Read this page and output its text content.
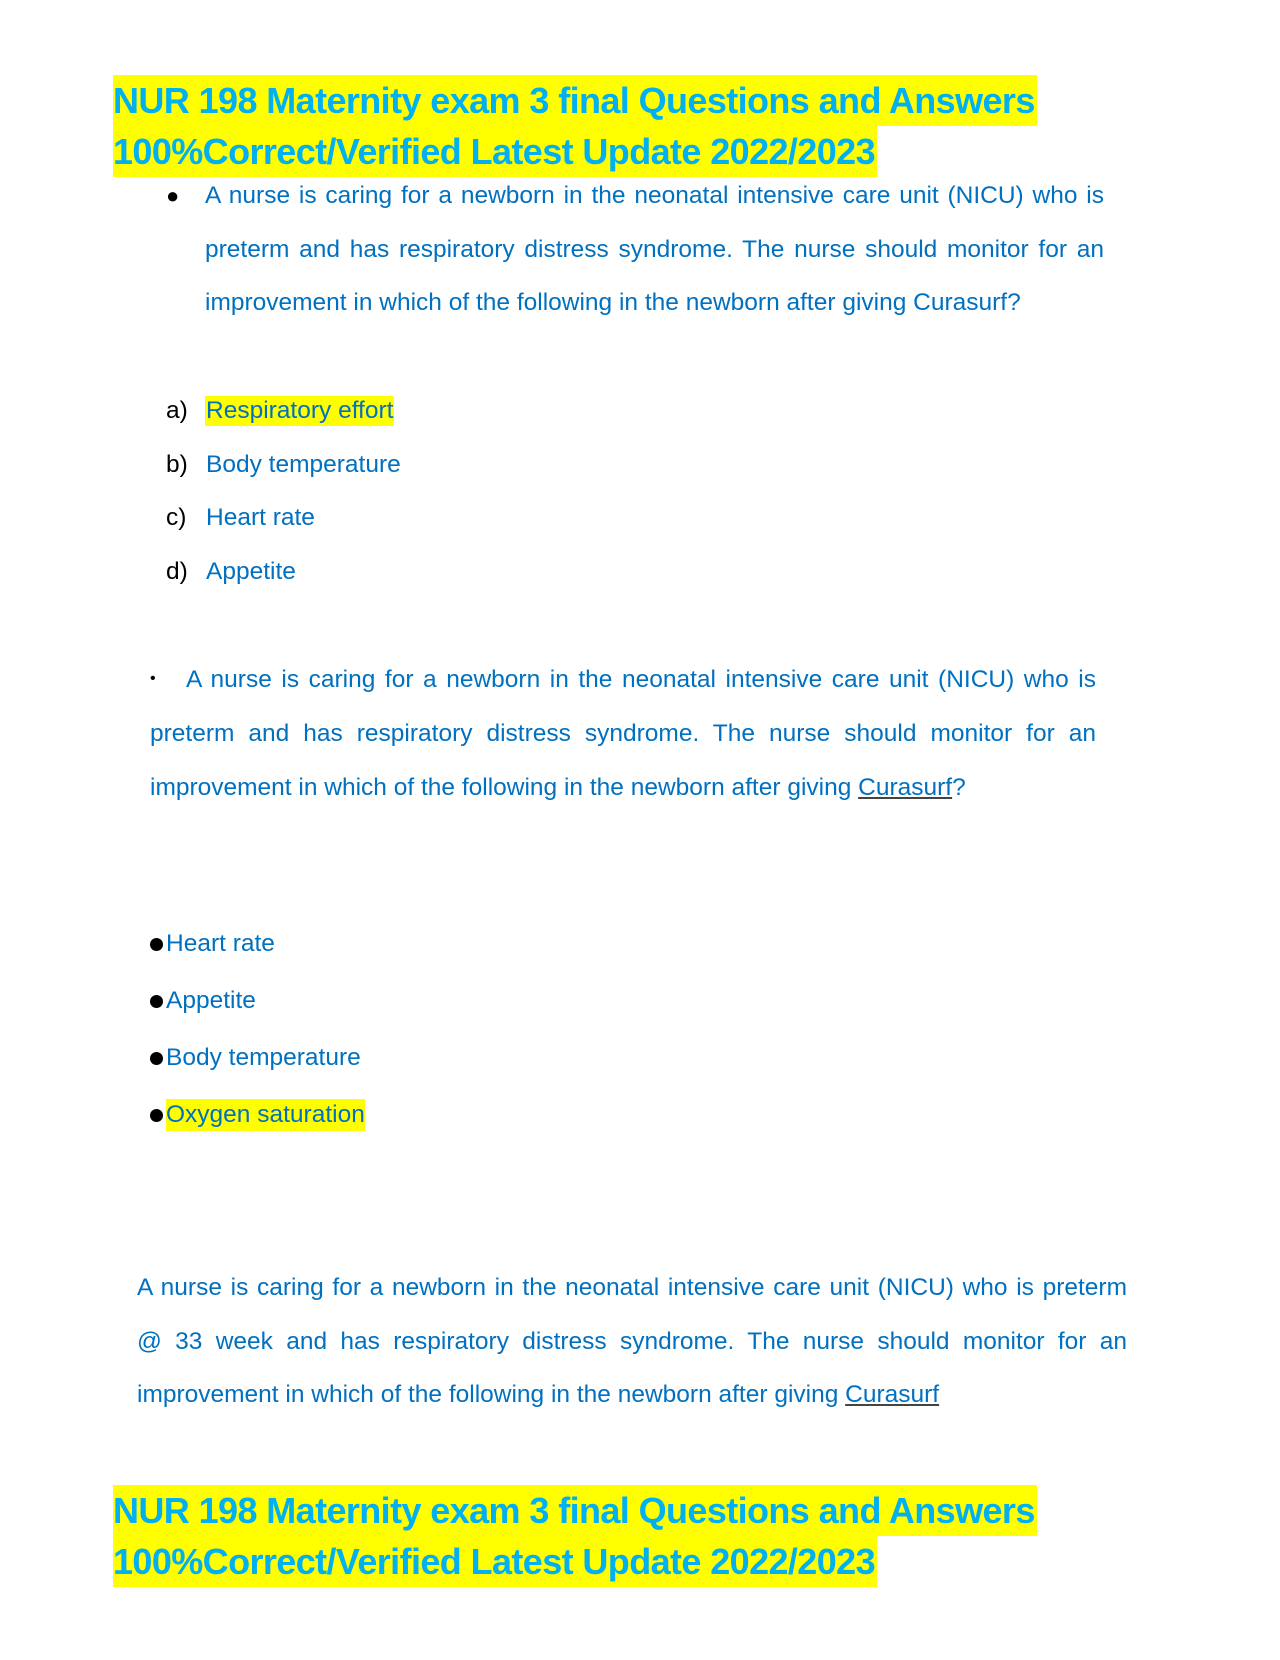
NUR 198 Maternity exam 3 final Questions and Answers
100%Correct/Verified Latest Update 2022/2023
●	A nurse is caring for a newborn in the neonatal intensive care unit (NICU) who is preterm and has respiratory distress syndrome. The nurse should monitor for an improvement in which of the following in the newborn after giving Curasurf?
a) Respiratory effort
b) Body temperature
c) Heart rate
d) Appetite

• A nurse is caring for a newborn in the neonatal intensive care unit (NICU) who is preterm and has respiratory distress syndrome. The nurse should monitor for an improvement in which of the following in the newborn after giving Curasurf?

Heart rate
Appetite
Body temperature
Oxygen saturation

A nurse is caring for a newborn in the neonatal intensive care unit (NICU) who is preterm @ 33 week and has respiratory distress syndrome. The nurse should monitor for an improvement in which of the following in the newborn after giving Curasurf

NUR 198 Maternity exam 3 final Questions and Answers
100%Correct/Verified Latest Update 2022/2023
